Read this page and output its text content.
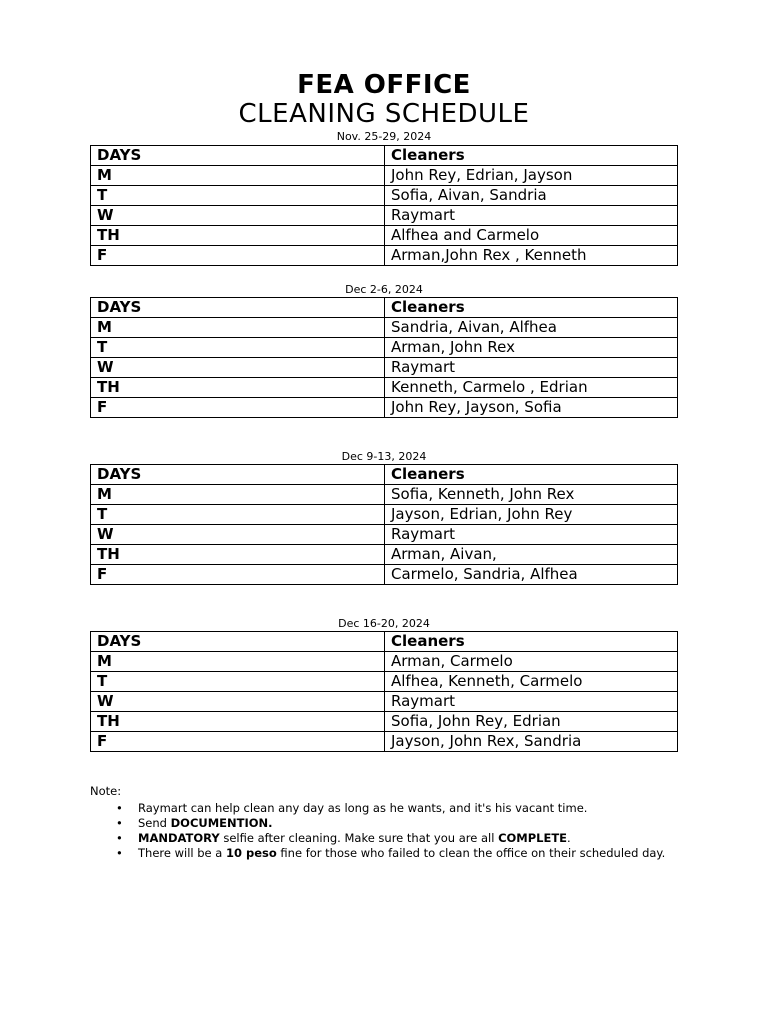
FEA OFFICE
CLEANING SCHEDULE
Nov. 25-29, 2024
DAYS	Cleaners
M	John Rey, Edrian, Jayson
T	Sofia, Aivan, Sandria
W	Raymart
TH	Alfhea and Carmelo
F	Arman,John Rex , Kenneth
Dec 2-6, 2024
DAYS	Cleaners
M	Sandria, Aivan, Alfhea
T	Arman, John Rex
W	Raymart
TH	Kenneth, Carmelo , Edrian
F	John Rey, Jayson, Sofia
Dec 9-13, 2024
DAYS	Cleaners
M	Sofia, Kenneth, John Rex
T	Jayson, Edrian, John Rey
W	Raymart
TH	Arman, Aivan,
F	Carmelo, Sandria, Alfhea
Dec 16-20, 2024
DAYS	Cleaners
M	Arman, Carmelo
T	Alfhea, Kenneth, Carmelo
W	Raymart
TH	Sofia, John Rey, Edrian
F	Jayson, John Rex, Sandria
Note:
• Raymart can help clean any day as long as he wants, and it's his vacant time.
• Send DOCUMENTION.
• MANDATORY selfie after cleaning. Make sure that you are all COMPLETE.
• There will be a 10 peso fine for those who failed to clean the office on their scheduled day.
